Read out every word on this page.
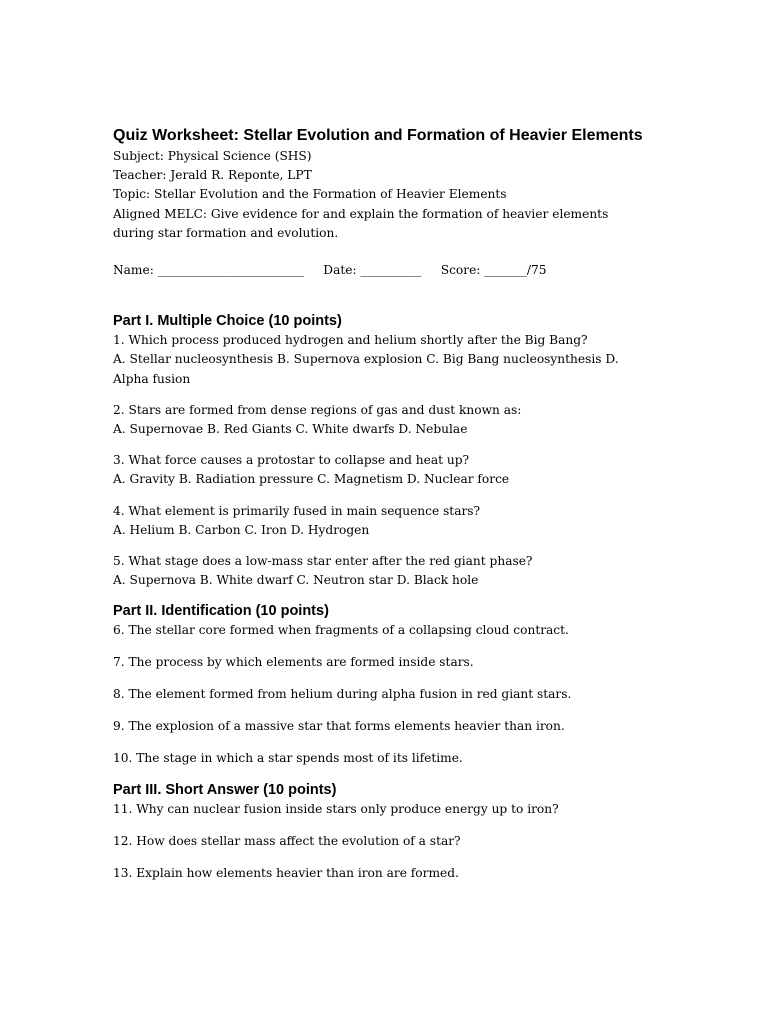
Quiz Worksheet: Stellar Evolution and Formation of Heavier Elements

Subject: Physical Science (SHS)

Teacher: Jerald R. Reponte, LPT

Topic: Stellar Evolution and the Formation of Heavier Elements

Aligned MELC: Give evidence for and explain the formation of heavier elements during star formation and evolution.

Name: ________________________     Date: __________     Score: _______/75

Part I. Multiple Choice (10 points)

1. Which process produced hydrogen and helium shortly after the Big Bang?

A. Stellar nucleosynthesis B. Supernova explosion C. Big Bang nucleosynthesis D. Alpha fusion

2. Stars are formed from dense regions of gas and dust known as:

A. Supernovae B. Red Giants C. White dwarfs D. Nebulae

3. What force causes a protostar to collapse and heat up?

A. Gravity B. Radiation pressure C. Magnetism D. Nuclear force

4. What element is primarily fused in main sequence stars?

A. Helium B. Carbon C. Iron D. Hydrogen

5. What stage does a low-mass star enter after the red giant phase?

A. Supernova B. White dwarf C. Neutron star D. Black hole

Part II. Identification (10 points)

6. The stellar core formed when fragments of a collapsing cloud contract.

7. The process by which elements are formed inside stars.

8. The element formed from helium during alpha fusion in red giant stars.

9. The explosion of a massive star that forms elements heavier than iron.

10. The stage in which a star spends most of its lifetime.

Part III. Short Answer (10 points)

11. Why can nuclear fusion inside stars only produce energy up to iron?

12. How does stellar mass affect the evolution of a star?

13. Explain how elements heavier than iron are formed.
